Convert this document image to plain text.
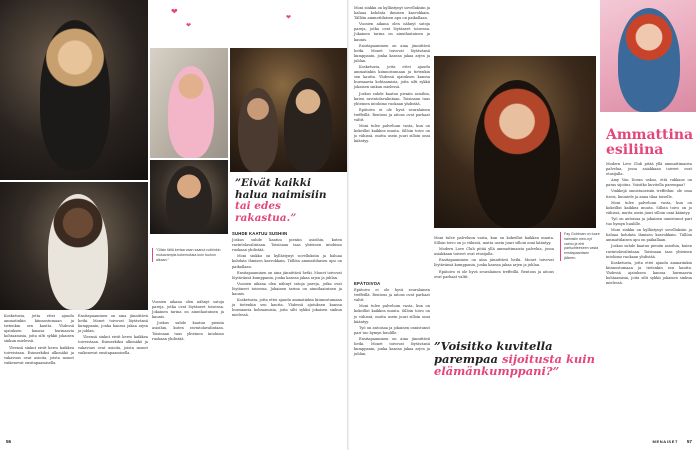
❤
❤
❤
”Eivät kaikki halua naimisiin tai edes rakastua.”

Kosketusta, jotta ettei ajaudu ammatinkin kiinnostumaan ja tietenkin sen kautta. Yhdessä ajatuksen kanssa hurmaavia kohtaamisia, joita silti sykkii jokaisen sinkun mielessä.

Yleensä sinkut eivät kerro kaikkea toiveistaan. Esimerkiksi ulkonäkö ja vakavuus ovat asioita, joista monet vaikenevat ensitapaamisella.

Ensitapaaminen on aina jännittävä hetki. Monet toivovat löytävänsä kumppanin, jonka kanssa jakaa arjen ja juhlan.

Yleensä sinkut eivät kerro kaikkea toiveistaan. Esimerkiksi ulkonäkö ja vakavuus ovat asioita, joista monet vaikenevat ensitapaamisella.

”Olisin tällä kertaa vaan saanut noihinkin mukavampia kokemuksia kuin tuohon aikaan.”

Vuosien aikana olen nähnyt satoja pareja, jotka ovat löytäneet toisensa. Jokainen tarina on ainutlaatuinen ja kaunis.

Joskus suhde kaatuu pieniin asioihin, kuten ravintolavalintaan. Toisinaan taas yhteinen intohimo ruokaan yhdistää.

SUHDE KAATUU SUSHIIN

Joskus suhde kaatuu pieniin asioihin, kuten ravintolavalintaan. Toisinaan taas yhteinen intohimo ruokaan yhdistää.

Moni sinkku on kyllästynyt sovelluksiin ja haluaa kohdata ihmisen kasvokkain. Tällöin ammattilaisen apu on paikallaan.

Ensitapaaminen on aina jännittävä hetki. Monet toivovat löytävänsä kumppanin, jonka kanssa jakaa arjen ja juhlan.

Vuosien aikana olen nähnyt satoja pareja, jotka ovat löytäneet toisensa. Jokainen tarina on ainutlaatuinen ja kaunis.

Kosketusta, jotta ettei ajaudu ammatinkin kiinnostumaan ja tietenkin sen kautta. Yhdessä ajatuksen kanssa hurmaavia kohtaamisia, joita silti sykkii jokaisen sinkun mielessä.

Moni sinkku on kyllästynyt sovelluksiin ja haluaa kohdata ihmisen kasvokkain. Tällöin ammattilaisen apu on paikallaan.

Vuosien aikana olen nähnyt satoja pareja, jotka ovat löytäneet toisensa. Jokainen tarina on ainutlaatuinen ja kaunis.

Ensitapaaminen on aina jännittävä hetki. Monet toivovat löytävänsä kumppanin, jonka kanssa jakaa arjen ja juhlan.

Kosketusta, jotta ettei ajaudu ammatinkin kiinnostumaan ja tietenkin sen kautta. Yhdessä ajatuksen kanssa hurmaavia kohtaamisia, joita silti sykkii jokaisen sinkun mielessä.

Joskus suhde kaatuu pieniin asioihin, kuten ravintolavalintaan. Toisinaan taas yhteinen intohimo ruokaan yhdistää.

Epätoivo ei ole hyvä seuralainen treffeillä. Rentous ja aitous ovat parhaat valtit.

Moni tulee palveluun vasta, kun on kokeillut kaikkea muuta. Silloin toivo on jo vähissä, mutta usein juuri silloin onni kääntyy.

EPÄTOIVOA

Epätoivo ei ole hyvä seuralainen treffeillä. Rentous ja aitous ovat parhaat valtit.

Moni tulee palveluun vasta, kun on kokeillut kaikkea muuta. Silloin toivo on jo vähissä, mutta usein juuri silloin onni kääntyy.

Työ on antoisaa ja jokainen onnistunut pari tuo hymyn huulille.

Ensitapaaminen on aina jännittävä hetki. Monet toivovat löytävänsä kumppanin, jonka kanssa jakaa arjen ja juhlan.

Fay Goldman on tuore naimisiin men-nyt vaimo ja ehti parisuhteeseen vasta ensitapaamisen jälkeen.
Ammattina
esiliina

Modern Love Club pitää yllä ammattimaista palvelua, jossa asiakkaan toiveet ovat etusijalla.

Amy Van Doran uskoo, että rakkaus on paras sijoitus. Voisitko kuvitella parempaa?

Vinkkejä onnistuneisiin treffeihin: ole oma itsesi, kuuntele ja anna tilaa toiselle.

Moni tulee palveluun vasta, kun on kokeillut kaikkea muuta. Silloin toivo on jo vähissä, mutta usein juuri silloin onni kääntyy.

Työ on antoisaa ja jokainen onnistunut pari tuo hymyn huulille.

Moni sinkku on kyllästynyt sovelluksiin ja haluaa kohdata ihmisen kasvokkain. Tällöin ammattilaisen apu on paikallaan.

Joskus suhde kaatuu pieniin asioihin, kuten ravintolavalintaan. Toisinaan taas yhteinen intohimo ruokaan yhdistää.

Kosketusta, jotta ettei ajaudu ammatinkin kiinnostumaan ja tietenkin sen kautta. Yhdessä ajatuksen kanssa hurmaavia kohtaamisia, joita silti sykkii jokaisen sinkun mielessä.

Moni tulee palveluun vasta, kun on kokeillut kaikkea muuta. Silloin toivo on jo vähissä, mutta usein juuri silloin onni kääntyy.

Modern Love Club pitää yllä ammattimaista palvelua, jossa asiakkaan toiveet ovat etusijalla.

Ensitapaaminen on aina jännittävä hetki. Monet toivovat löytävänsä kumppanin, jonka kanssa jakaa arjen ja juhlan.

Epätoivo ei ole hyvä seuralainen treffeillä. Rentous ja aitous ovat parhaat valtit.

”Voisitko kuvitella parempaa sijoitusta kuin elämänkumppani?”
56	MENAISET 57
